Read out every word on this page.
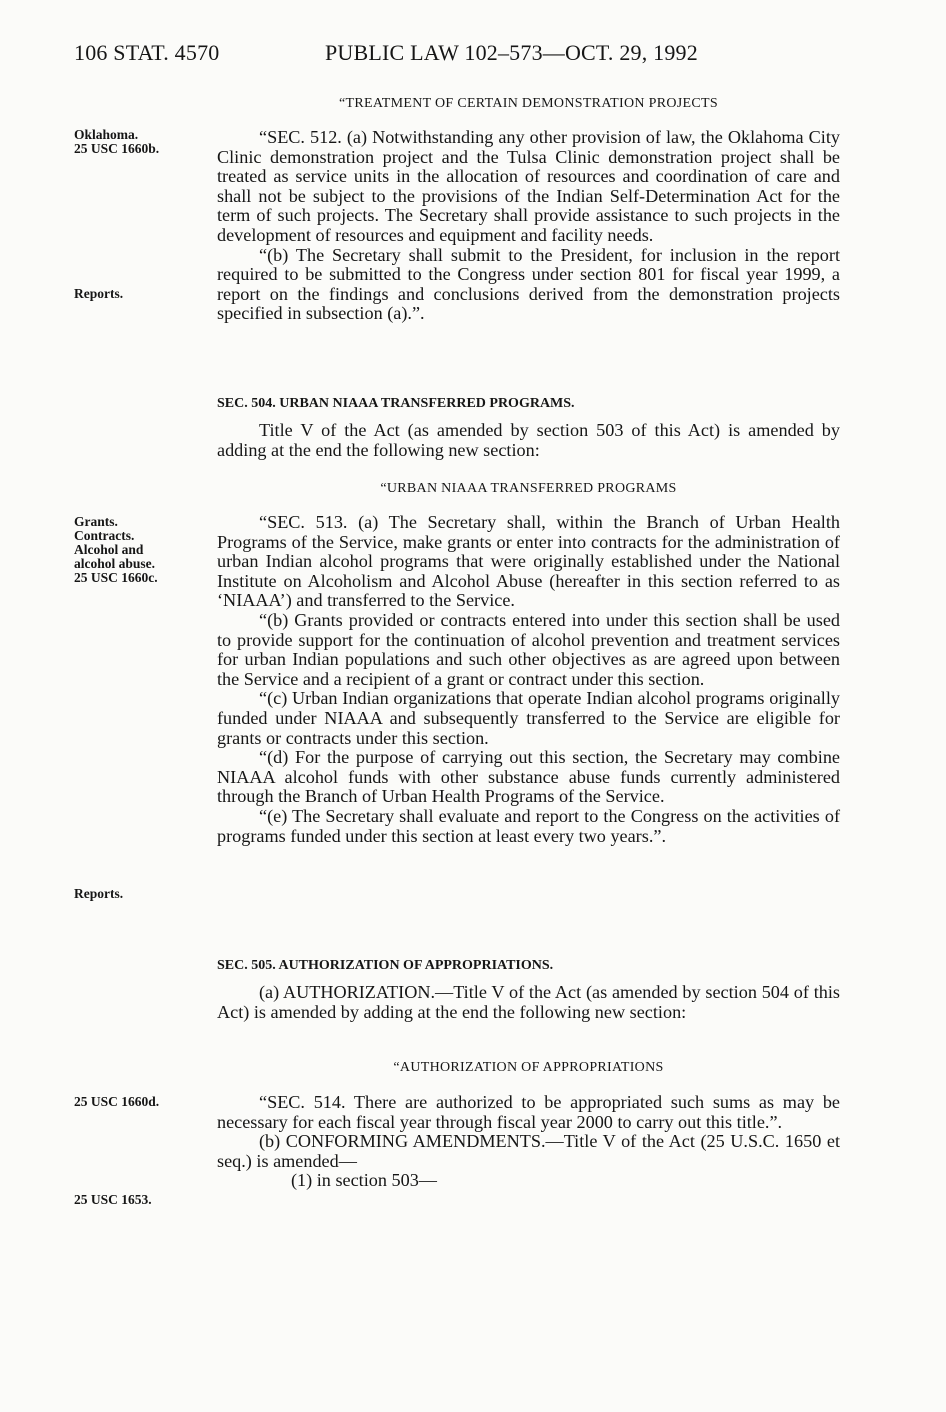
106 STAT. 4570	PUBLIC LAW 102–573—OCT. 29, 1992
“TREATMENT OF CERTAIN DEMONSTRATION PROJECTS
Oklahoma.
25 USC 1660b.

“SEC. 512. (a) Notwithstanding any other provision of law, the Oklahoma City Clinic demonstration project and the Tulsa Clinic demonstration project shall be treated as service units in the allocation of resources and coordination of care and shall not be subject to the provisions of the Indian Self-Determination Act for the term of such projects. The Secretary shall provide assistance to such projects in the development of resources and equipment and facility needs.

“(b) The Secretary shall submit to the President, for inclusion in the report required to be submitted to the Congress under section 801 for fiscal year 1999, a report on the findings and conclusions derived from the demonstration projects specified in subsection (a).”.

Reports.
SEC. 504. URBAN NIAAA TRANSFERRED PROGRAMS.

Title V of the Act (as amended by section 503 of this Act) is amended by adding at the end the following new section:

“URBAN NIAAA TRANSFERRED PROGRAMS
Grants.
Contracts.
Alcohol and
alcohol abuse.
25 USC 1660c.

“SEC. 513. (a) The Secretary shall, within the Branch of Urban Health Programs of the Service, make grants or enter into contracts for the administration of urban Indian alcohol programs that were originally established under the National Institute on Alcoholism and Alcohol Abuse (hereafter in this section referred to as ‘NIAAA’) and transferred to the Service.

“(b) Grants provided or contracts entered into under this section shall be used to provide support for the continuation of alcohol prevention and treatment services for urban Indian populations and such other objectives as are agreed upon between the Service and a recipient of a grant or contract under this section.

“(c) Urban Indian organizations that operate Indian alcohol programs originally funded under NIAAA and subsequently transferred to the Service are eligible for grants or contracts under this section.

“(d) For the purpose of carrying out this section, the Secretary may combine NIAAA alcohol funds with other substance abuse funds currently administered through the Branch of Urban Health Programs of the Service.

“(e) The Secretary shall evaluate and report to the Congress on the activities of programs funded under this section at least every two years.”.

Reports.
SEC. 505. AUTHORIZATION OF APPROPRIATIONS.

(a) AUTHORIZATION.—Title V of the Act (as amended by section 504 of this Act) is amended by adding at the end the following new section:

“AUTHORIZATION OF APPROPRIATIONS
25 USC 1660d.	“SEC. 514. There are authorized to be appropriated such sums as may be necessary for each fiscal year through fiscal year 2000 to carry out this title.”.

(b) CONFORMING AMENDMENTS.—Title V of the Act (25 U.S.C. 1650 et seq.) is amended—

(1) in section 503—

25 USC 1653.
